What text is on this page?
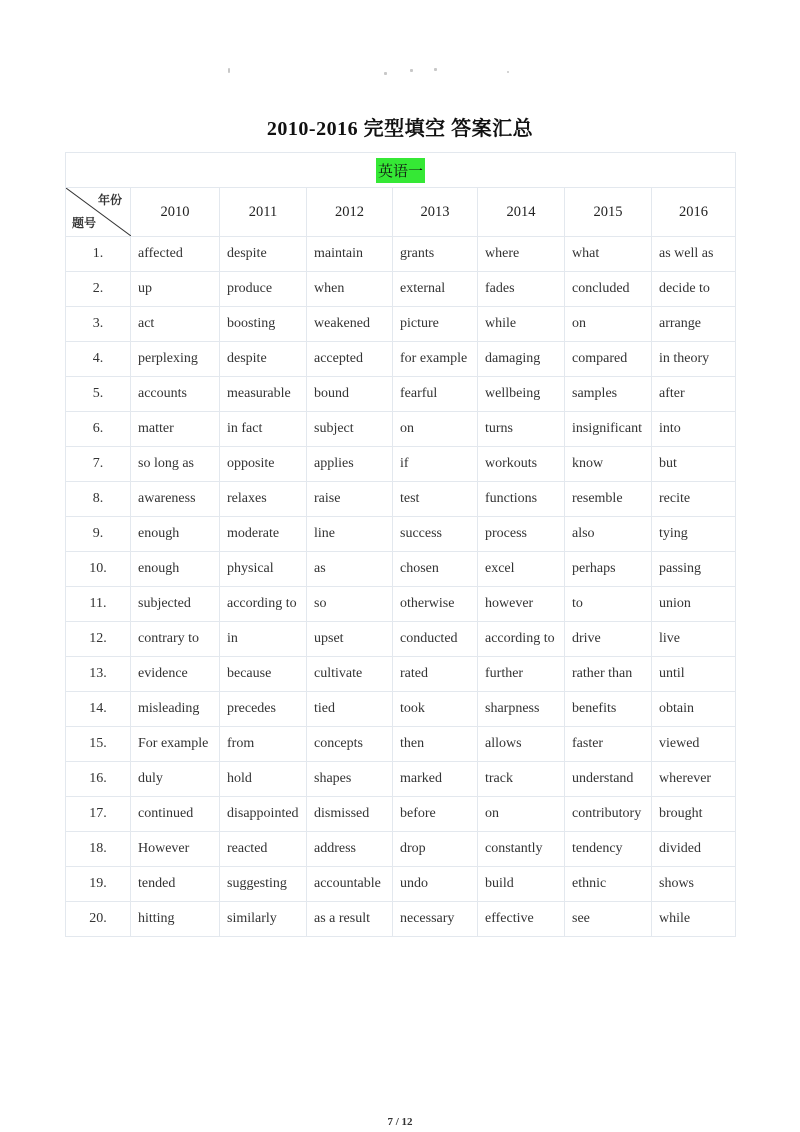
2010-2016 完型填空 答案汇总
英语一							

年份
题号	2010	2011	2012	2013	2014	2015	2016
1.	affected	despite	maintain	grants	where	what	as well as
2.	up	produce	when	external	fades	concluded	decide to
3.	act	boosting	weakened	picture	while	on	arrange
4.	perplexing	despite	accepted	for example	damaging	compared	in theory
5.	accounts	measurable	bound	fearful	wellbeing	samples	after
6.	matter	in fact	subject	on	turns	insignificant	into
7.	so long as	opposite	applies	if	workouts	know	but
8.	awareness	relaxes	raise	test	functions	resemble	recite
9.	enough	moderate	line	success	process	also	tying
10.	enough	physical	as	chosen	excel	perhaps	passing
11.	subjected	according to	so	otherwise	however	to	union
12.	contrary to	in	upset	conducted	according to	drive	live
13.	evidence	because	cultivate	rated	further	rather than	until
14.	misleading	precedes	tied	took	sharpness	benefits	obtain
15.	For example	from	concepts	then	allows	faster	viewed
16.	duly	hold	shapes	marked	track	understand	wherever
17.	continued	disappointed	dismissed	before	on	contributory	brought
18.	However	reacted	address	drop	constantly	tendency	divided
19.	tended	suggesting	accountable	undo	build	ethnic	shows
20.	hitting	similarly	as a result	necessary	effective	see	while
7 / 12
